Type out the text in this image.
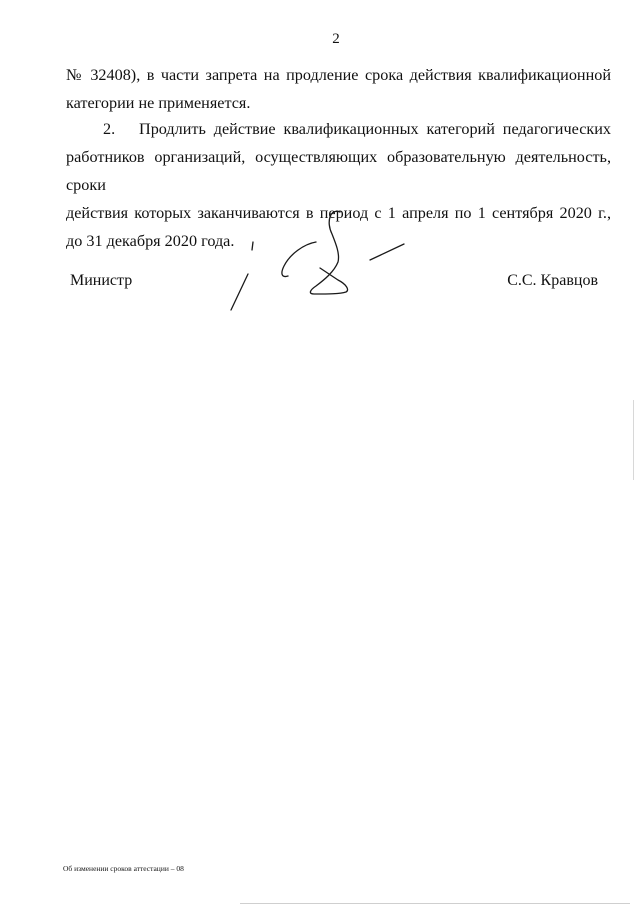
2
№ 32408), в части запрета на продление срока действия квалификационной
категории не применяется.
2. Продлить действие квалификационных категорий педагогических
работников организаций, осуществляющих образовательную деятельность, сроки
действия которых заканчиваются в период с 1 апреля по 1 сентября 2020 г.,
до 31 декабря 2020 года.
Министр	С.С. Кравцов
Об изменении сроков аттестации – 08
